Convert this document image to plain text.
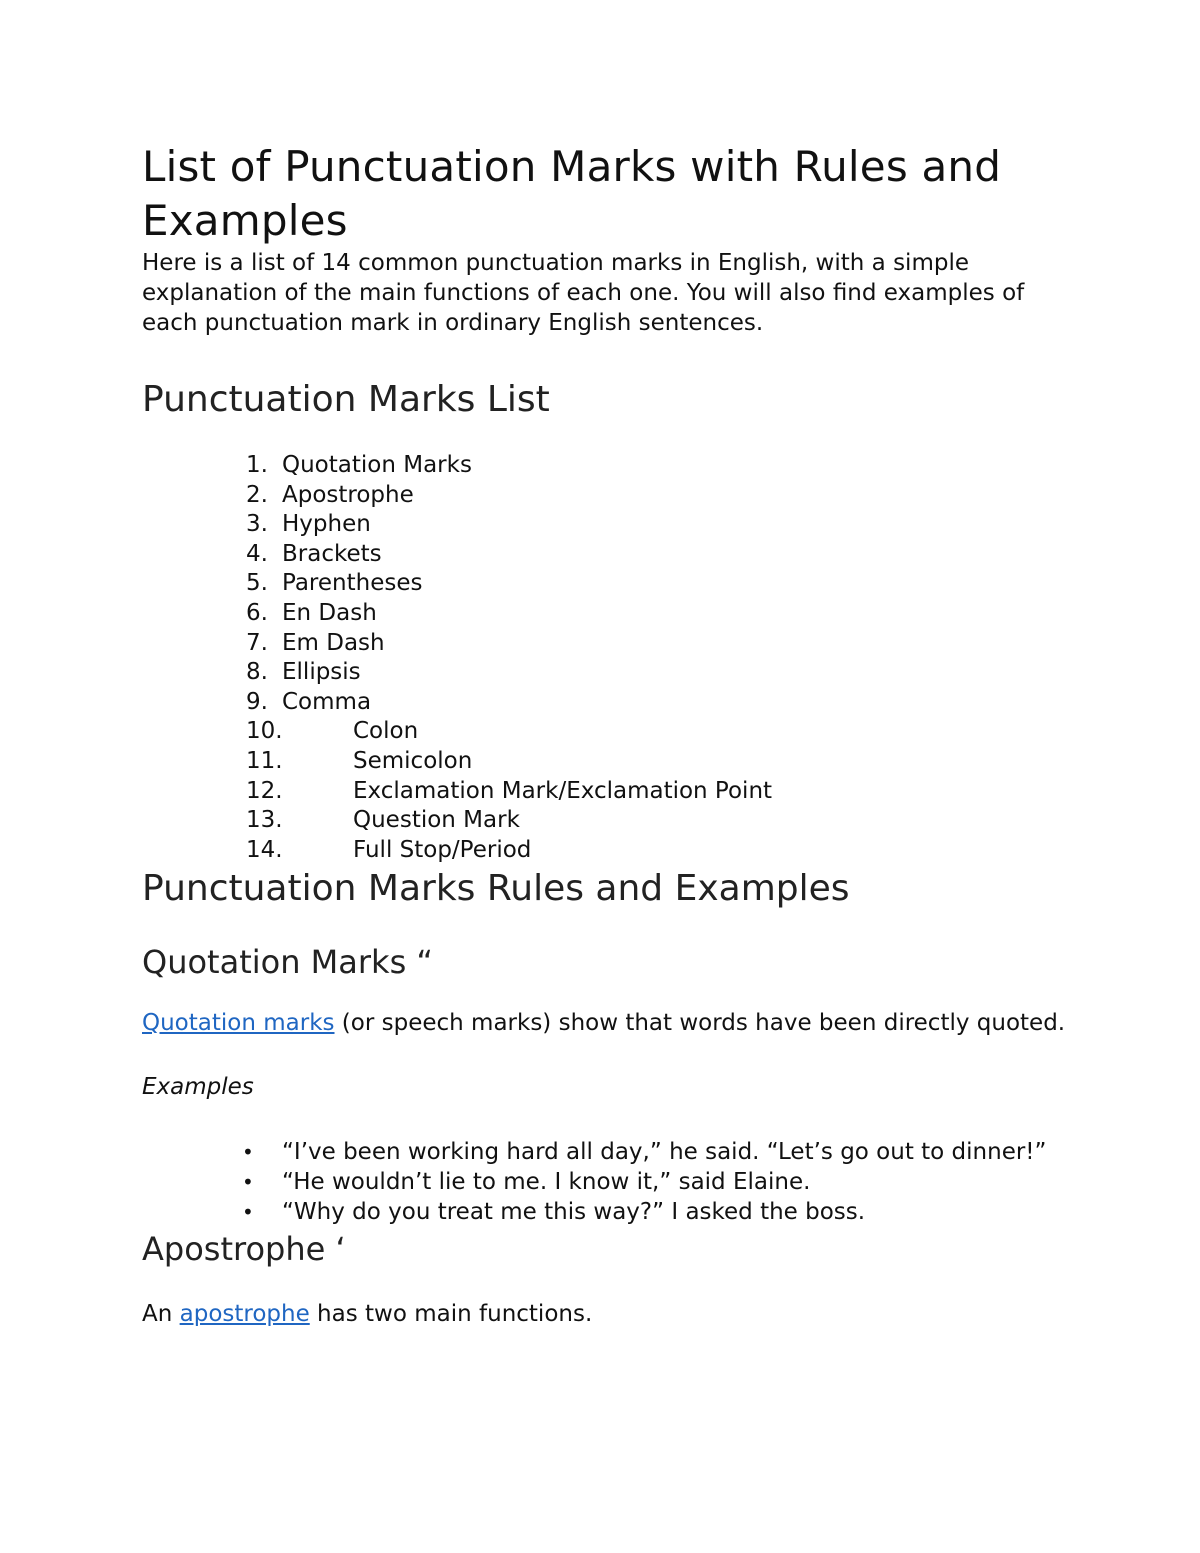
List of Punctuation Marks with Rules and Examples

Here is a list of 14 common punctuation marks in English, with a simple explanation of the main functions of each one. You will also find examples of each punctuation mark in ordinary English sentences.

Punctuation Marks List
1. Quotation Marks
2. Apostrophe
3. Hyphen
4. Brackets
5. Parentheses
6. En Dash
7. Em Dash
8. Ellipsis
9. Comma
10.	Colon
11.	Semicolon
12.	Exclamation Mark/Exclamation Point
13.	Question Mark
14.	Full Stop/Period
Punctuation Marks Rules and Examples
Quotation Marks “

Quotation marks (or speech marks) show that words have been directly quoted.

Examples

• “I’ve been working hard all day,” he said. “Let’s go out to dinner!”
• “He wouldn’t lie to me. I know it,” said Elaine.
• “Why do you treat me this way?” I asked the boss.
Apostrophe ‘

An apostrophe has two main functions.
